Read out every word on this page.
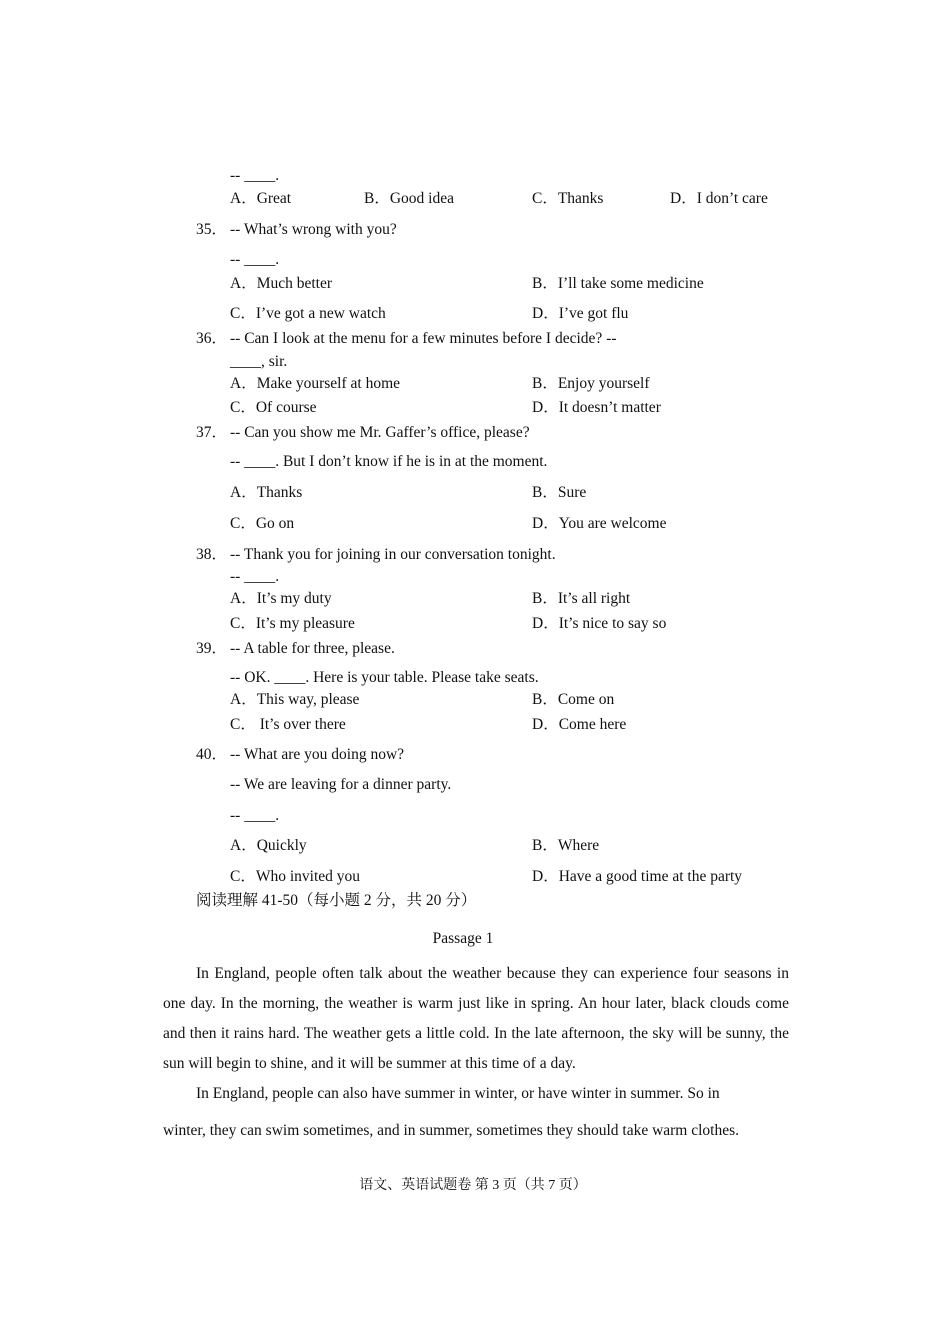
-- ____.
A．Great	B．Good idea	C．Thanks	D．I don’t care
35． -- What’s wrong with you?
-- ____.
A．Much better	B．I’ll take some medicine
C．I’ve got a new watch	D．I’ve got flu
36． -- Can I look at the menu for a few minutes before I decide? --
____, sir.
A．Make yourself at home	B．Enjoy yourself
C．Of course	D．It doesn’t matter
37． -- Can you show me Mr. Gaffer’s office, please?
-- ____. But I don’t know if he is in at the moment.
A．Thanks	B．Sure
C．Go on	D．You are welcome
38． -- Thank you for joining in our conversation tonight.
-- ____.
A．It’s my duty	B．It’s all right
C．It’s my pleasure	D．It’s nice to say so
39． -- A table for three, please.
-- OK. ____. Here is your table. Please take seats.
A．This way, please	B．Come on
C． It’s over there	D．Come here
40． -- What are you doing now?
-- We are leaving for a dinner party.
-- ____.
A．Quickly	B．Where
C．Who invited you	D．Have a good time at the party
阅读理解 41-50（每小题 2 分，共 20 分）
Passage 1
In England, people often talk about the weather because they can experience four seasons in one day. In the morning, the weather is warm just like in spring. An hour later, black clouds come and then it rains hard. The weather gets a little cold. In the late afternoon, the sky will be sunny, the sun will begin to shine, and it will be summer at this time of a day.
In England, people can also have summer in winter, or have winter in summer. So in
winter, they can swim sometimes, and in summer, sometimes they should take warm clothes.
语文、英语试题卷 第 3 页（共 7 页）
